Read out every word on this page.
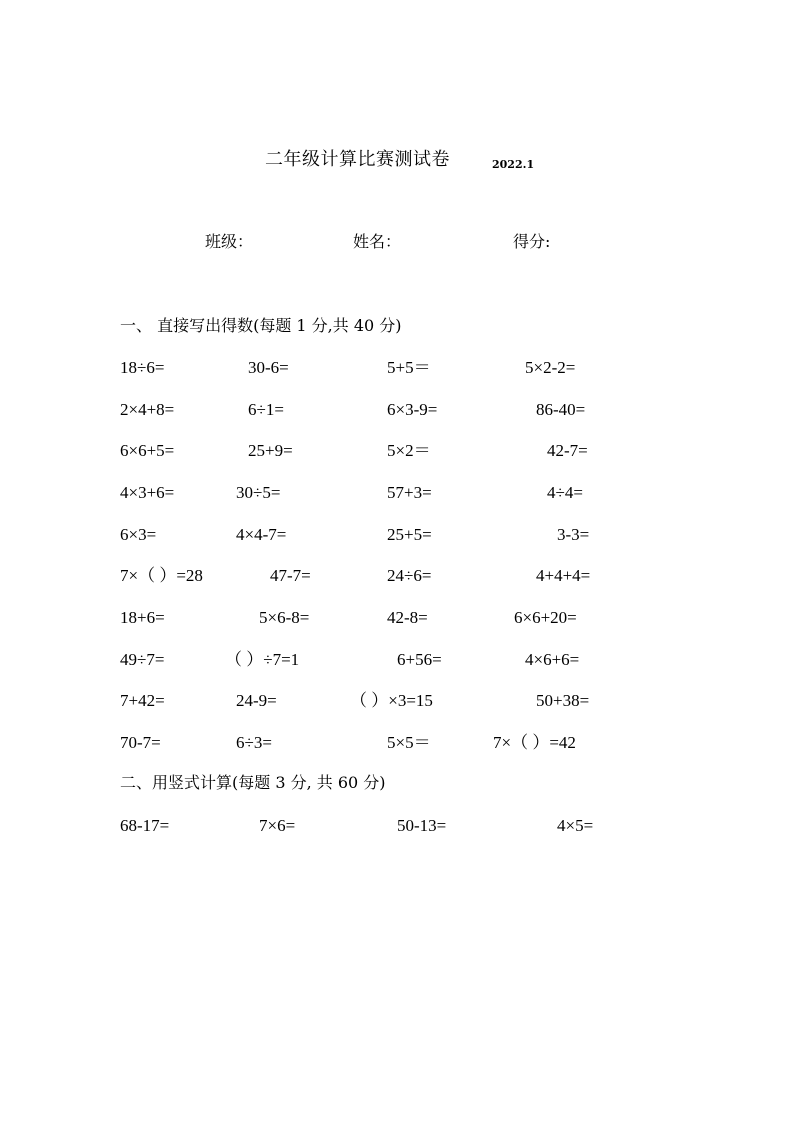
二年级计算比赛测试卷	2022.1
班级：	姓名：	得分:
一、 直接写出得数(每题 1 分,共 40 分)
18÷6=	30-6=	5+5＝	5×2-2=
2×4+8=	6÷1=	6×3-9=	86-40=
6×6+5=	25+9=	5×2＝	42-7=
4×3+6=	30÷5=	57+3=	4÷4=
6×3=	4×4-7=	25+5=	3-3=
7×（ ）=28	47-7=	24÷6=	4+4+4=
18+6=	5×6-8=	42-8=	6×6+20=
49÷7=	（ ）÷7=1	6+56=	4×6+6=
7+42=	24-9=	（ ）×3=15	50+38=
70-7=	6÷3=	5×5＝	7×（ ）=42
二、用竖式计算(每题 3 分, 共 60 分)
68-17=	7×6=	50-13=	4×5=
